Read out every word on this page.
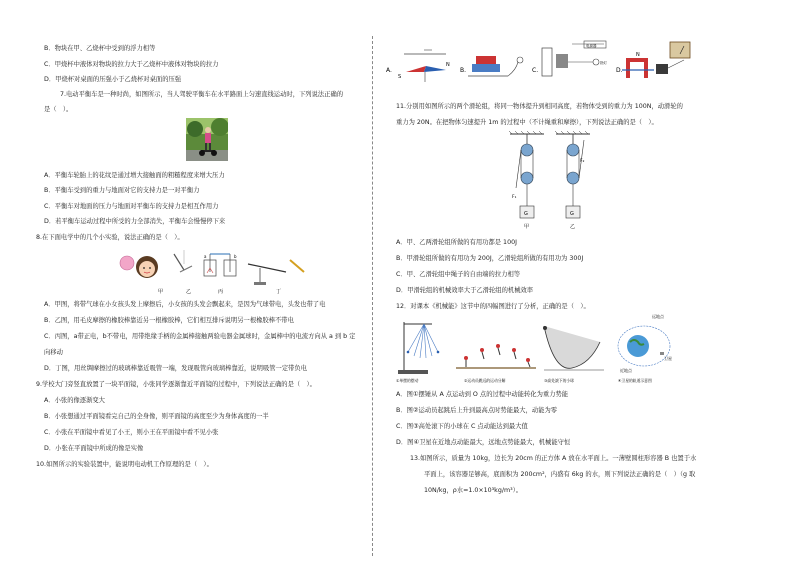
B．物块在甲、乙烧杯中受到的浮力相等
C．甲烧杯中液体对物块的拉力大于乙烧杯中液体对物块的拉力
D．甲烧杯对桌面的压强小于乙烧杯对桌面的压强
7.电动平衡车是一种时尚，如图所示，当人驾驶平衡车在水平路面上匀速直线运动时，下列说法正确的
是（　）。
A．平衡车轮胎上的花纹是通过增大接触面的粗糙程度来增大压力
B．平衡车受到的重力与地面对它的支持力是一对平衡力
C．平衡车对地面的压力与地面对平衡车的支持力是相互作用力
D．若平衡车运动过程中所受的力全部消失，平衡车会慢慢停下来
8.在下面电学中的几个小实验，说法正确的是（　）。
a	b
甲	乙	丙	丁
A．甲图，将带气球在小女孩头发上摩擦后，小女孩的头发会飘起来，是因为气球带电，头发也带了电
B．乙图，用毛皮摩擦的橡胶棒靠近另一根橡胶棒，它们相互排斥说明另一根橡胶棒不带电
C．丙图，a带正电，b不带电，用带绝缘手柄的金属棒接触两验电器金属球时，金属棒中的电流方向从 a 到 b 定
向移动
D．丁图，用丝绸摩擦过的玻璃棒靠近吸管一端，发现吸管向玻璃棒靠近，说明吸管一定带负电
9.学校大门旁竖直放置了一块平面镜，小张同学逐渐靠近平面镜的过程中，下列说法正确的是（　）。
A．小张的像逐渐变大
B．小张想通过平面镜看完自己的全身像，则平面镜的高度至少为身体高度的一半
C．小张在平面镜中看见了小王，则小王在平面镜中看不见小张
D．小张在平面镜中所成的像是实像
10.如图所示的实验装置中，能说明电动机工作原理的是（　）。
A.
S
N
B.	C.
电源器
指灯
D.
N
11.分别用如图所示的两个滑轮组，将同一物体提升到相同高度，若物体受到的重力为 100N，动滑轮的
重力为 20N。在把物体匀速提升 1m 的过程中（不计绳重和摩擦），下列说法正确的是（　）。
G
F₁
甲
G
F₂
乙
A．甲、乙两滑轮组所做的有用功都是 100J
B．甲滑轮组所做的有用功为 200J，乙滑轮组所做的有用功为 300J
C．甲、乙滑轮组中绳子的自由端的拉力相等
D．甲滑轮组的机械效率大于乙滑轮组的机械效率
12．对课本《机械能》这节中的四幅图进行了分析，正确的是（　）。
远地点
卫星
近地点
①单摆的摆动	②运动员跳远的运动分解	③高处滚下的小球	④卫星的轨道示意图
A．图①摆锤从 A 点运动到 O 点的过程中动能转化为重力势能
B．图②运动员起跳后上升到最高点时势能最大，动能为零
C．图③高处滚下的小球在 C 点动能达到最大值
D．图④卫星在近地点动能最大，远地点势能最大，机械能守恒
13.如图所示，质量为 10kg，边长为 20cm 的正方体 A 放在水平面上。一薄壁圆柱形容器 B 也置于水
平面上，该容器足够高，底面积为 200cm²，内盛有 6kg 的水，则下列说法正确的是（　）（g 取
10N/kg，ρ水=1.0×10³kg/m³）。
